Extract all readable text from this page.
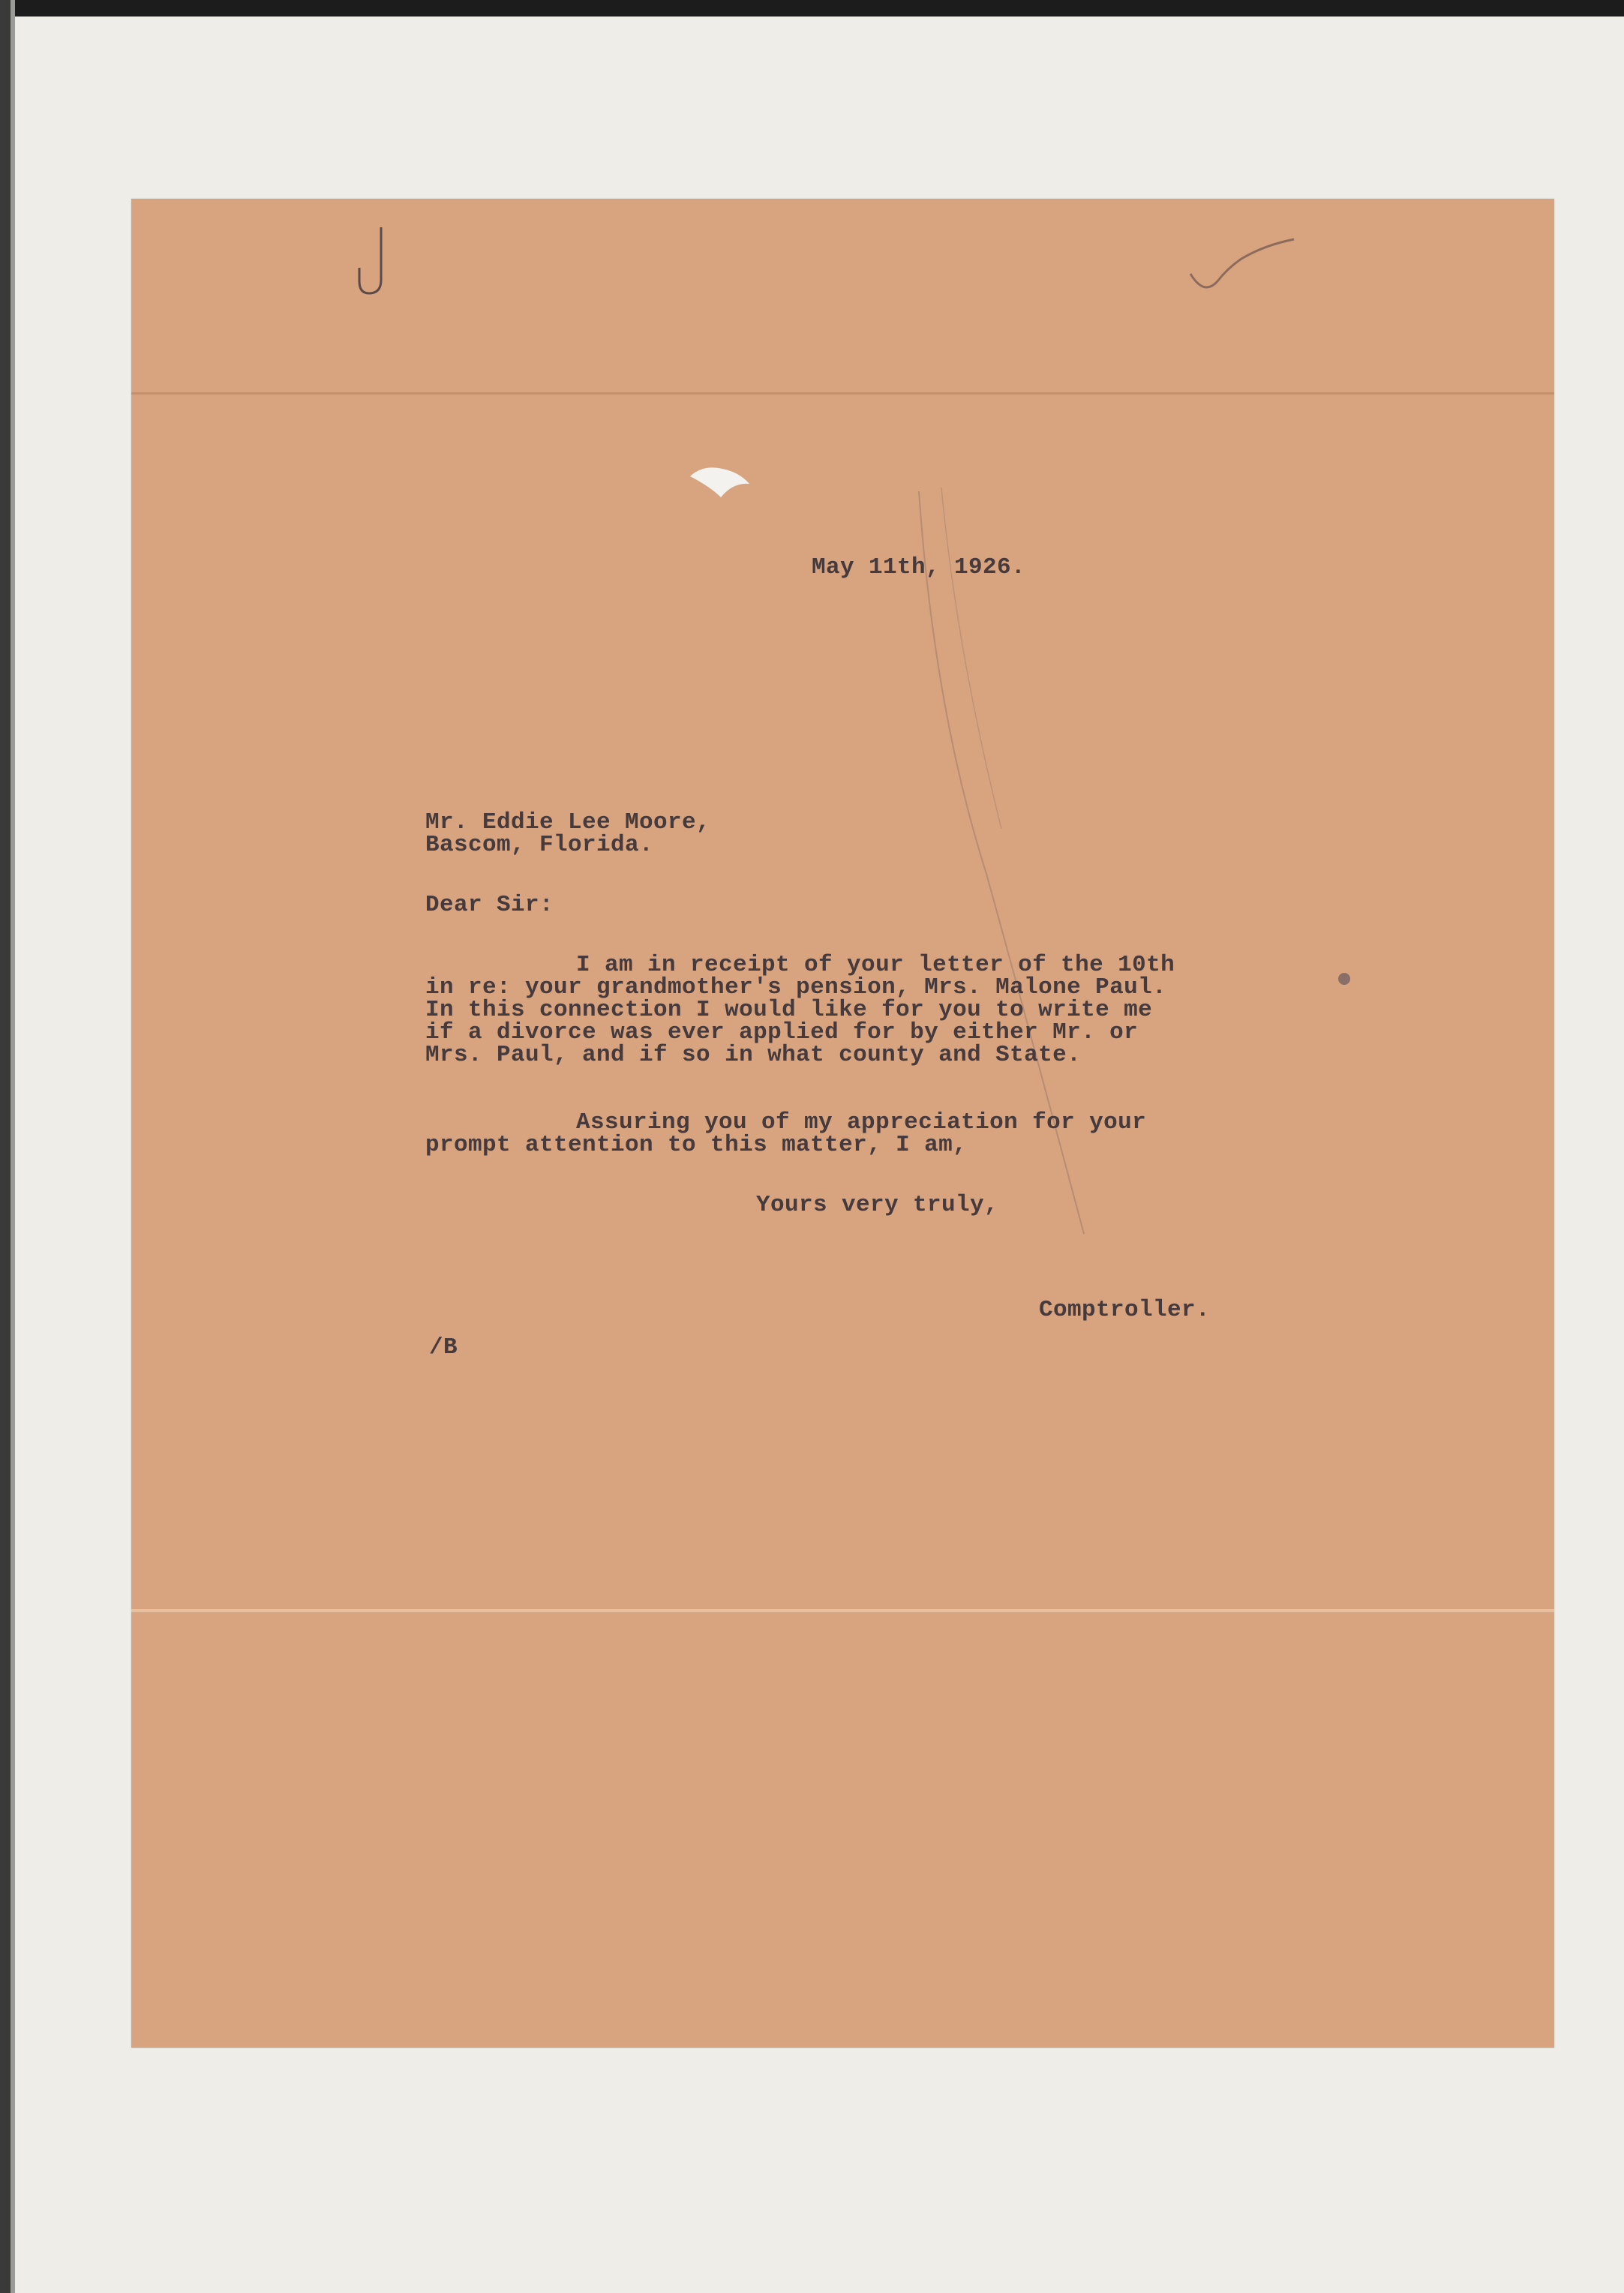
May 11th, 1926.
Mr. Eddie Lee Moore,
Bascom, Florida.
Dear Sir:
I am in receipt of your letter of the 10th
in re: your grandmother's pension, Mrs. Malone Paul.
In this connection I would like for you to write me
if a divorce was ever applied for by either Mr. or
Mrs. Paul, and if so in what county and State.
Assuring you of my appreciation for your
prompt attention to this matter, I am,
Yours very truly,
Comptroller.
/B
